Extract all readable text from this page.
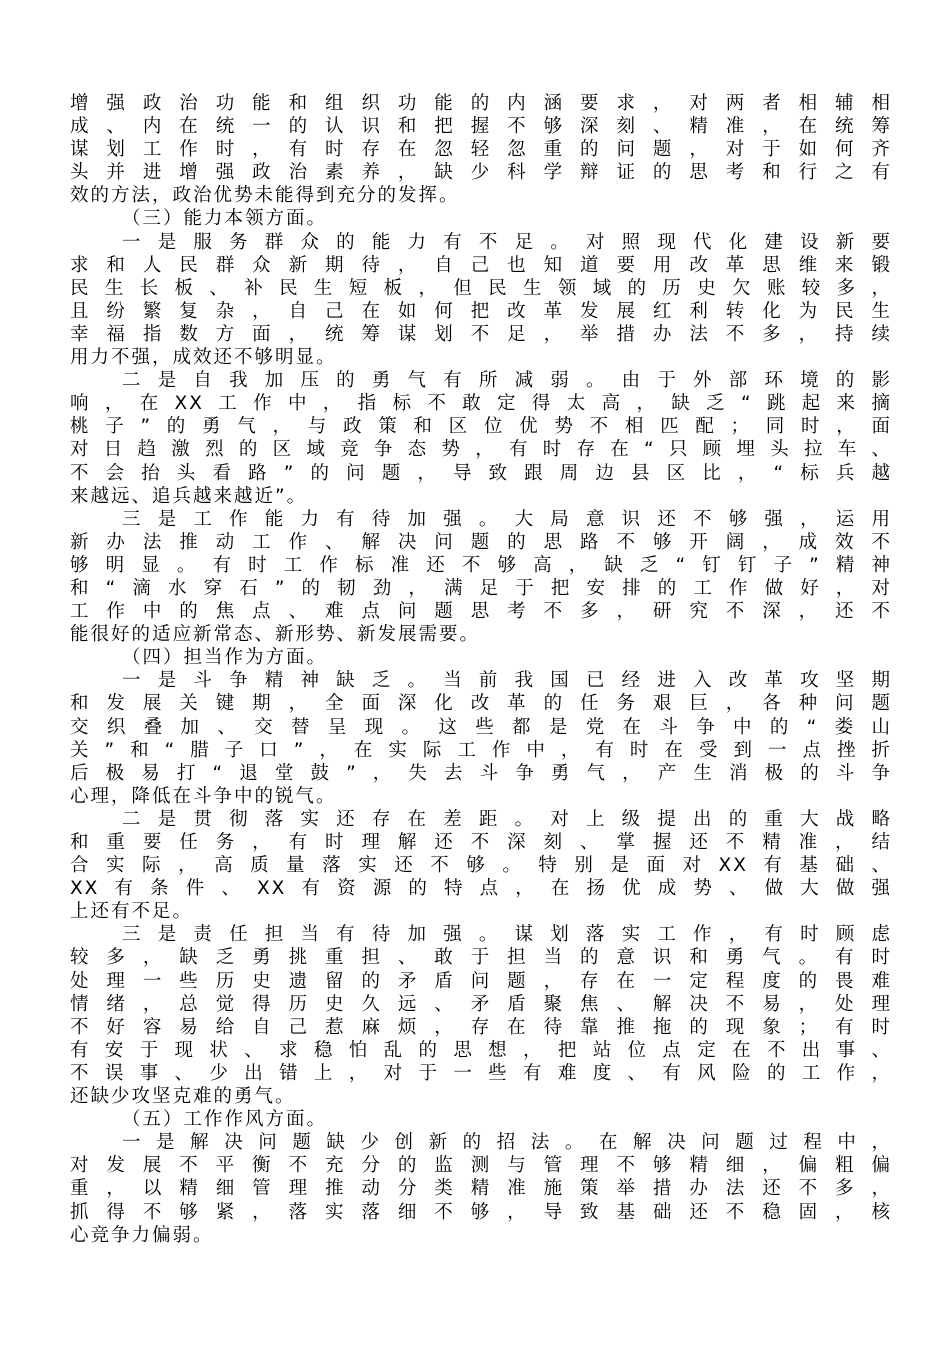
增强政治功能和组织功能的内涵要求，对两者相辅相
成、内在统一的认识和把握不够深刻、精准，在统筹
谋划工作时，有时存在忽轻忽重的问题，对于如何齐
头并进增强政治素养，缺少科学辩证的思考和行之有
效的方法，政治优势未能得到充分的发挥。
（三）能力本领方面。
一是服务群众的能力有不足。对照现代化建设新要
求和人民群众新期待，自己也知道要用改革思维来锻
民生长板、补民生短板，但民生领域的历史欠账较多，
且纷繁复杂，自己在如何把改革发展红利转化为民生
幸福指数方面，统筹谋划不足，举措办法不多，持续
用力不强，成效还不够明显。
二是自我加压的勇气有所减弱。由于外部环境的影
响，在XX工作中，指标不敢定得太高，缺乏“跳起来摘
桃子”的勇气，与政策和区位优势不相匹配；同时，面
对日趋激烈的区域竞争态势，有时存在“只顾埋头拉车、
不会抬头看路”的问题，导致跟周边县区比，“标兵越
来越远、追兵越来越近”。
三是工作能力有待加强。大局意识还不够强，运用
新办法推动工作、解决问题的思路不够开阔，成效不
够明显。有时工作标准还不够高，缺乏“钉钉子”精神
和“滴水穿石”的韧劲，满足于把安排的工作做好，对
工作中的焦点、难点问题思考不多，研究不深，还不
能很好的适应新常态、新形势、新发展需要。
（四）担当作为方面。
一是斗争精神缺乏。当前我国已经进入改革攻坚期
和发展关键期，全面深化改革的任务艰巨，各种问题
交织叠加、交替呈现。这些都是党在斗争中的“娄山
关”和“腊子口”，在实际工作中，有时在受到一点挫折
后极易打“退堂鼓”，失去斗争勇气，产生消极的斗争
心理，降低在斗争中的锐气。
二是贯彻落实还存在差距。对上级提出的重大战略
和重要任务，有时理解还不深刻、掌握还不精准，结
合实际，高质量落实还不够。特别是面对XX有基础、
XX有条件、XX有资源的特点，在扬优成势、做大做强
上还有不足。
三是责任担当有待加强。谋划落实工作，有时顾虑
较多，缺乏勇挑重担、敢于担当的意识和勇气。有时
处理一些历史遗留的矛盾问题，存在一定程度的畏难
情绪，总觉得历史久远、矛盾聚焦、解决不易，处理
不好容易给自己惹麻烦，存在待靠推拖的现象；有时
有安于现状、求稳怕乱的思想，把站位点定在不出事、
不误事、少出错上，对于一些有难度、有风险的工作，
还缺少攻坚克难的勇气。
（五）工作作风方面。
一是解决问题缺少创新的招法。在解决问题过程中，
对发展不平衡不充分的监测与管理不够精细，偏粗偏
重，以精细管理推动分类精准施策举措办法还不多，
抓得不够紧，落实落细不够，导致基础还不稳固，核
心竞争力偏弱。
